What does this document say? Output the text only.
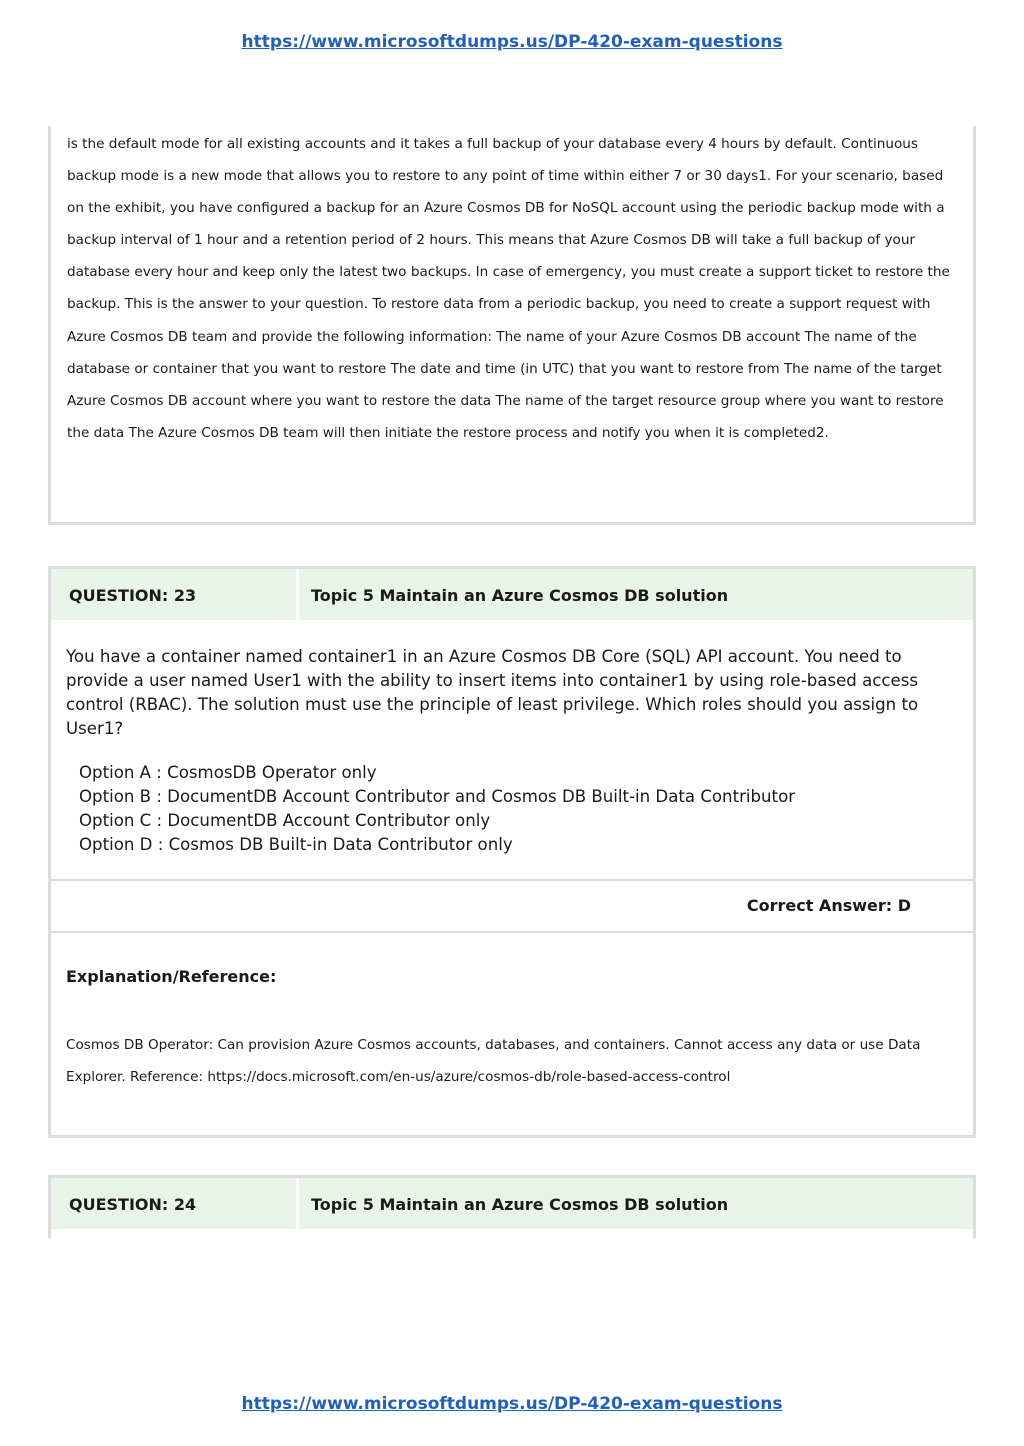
https://www.microsoftdumps.us/DP-420-exam-questions

is the default mode for all existing accounts and it takes a full backup of your database every 4 hours by default. Continuous backup mode is a new mode that allows you to restore to any point of time within either 7 or 30 days1. For your scenario, based on the exhibit, you have configured a backup for an Azure Cosmos DB for NoSQL account using the periodic backup mode with a backup interval of 1 hour and a retention period of 2 hours. This means that Azure Cosmos DB will take a full backup of your database every hour and keep only the latest two backups. In case of emergency, you must create a support ticket to restore the backup. This is the answer to your question. To restore data from a periodic backup, you need to create a support request with Azure Cosmos DB team and provide the following information: The name of your Azure Cosmos DB account The name of the database or container that you want to restore The date and time (in UTC) that you want to restore from The name of the target Azure Cosmos DB account where you want to restore the data The name of the target resource group where you want to restore the data The Azure Cosmos DB team will then initiate the restore process and notify you when it is completed2.

QUESTION: 23	Topic 5 Maintain an Azure Cosmos DB solution

You have a container named container1 in an Azure Cosmos DB Core (SQL) API account. You need to provide a user named User1 with the ability to insert items into container1 by using role-based access control (RBAC). The solution must use the principle of least privilege. Which roles should you assign to User1?

Option A : CosmosDB Operator only
Option B : DocumentDB Account Contributor and Cosmos DB Built-in Data Contributor
Option C : DocumentDB Account Contributor only
Option D : Cosmos DB Built-in Data Contributor only
Correct Answer: D
Explanation/Reference:

Cosmos DB Operator: Can provision Azure Cosmos accounts, databases, and containers. Cannot access any data or use Data Explorer. Reference: https://docs.microsoft.com/en-us/azure/cosmos-db/role-based-access-control

QUESTION: 24	Topic 5 Maintain an Azure Cosmos DB solution
https://www.microsoftdumps.us/DP-420-exam-questions
